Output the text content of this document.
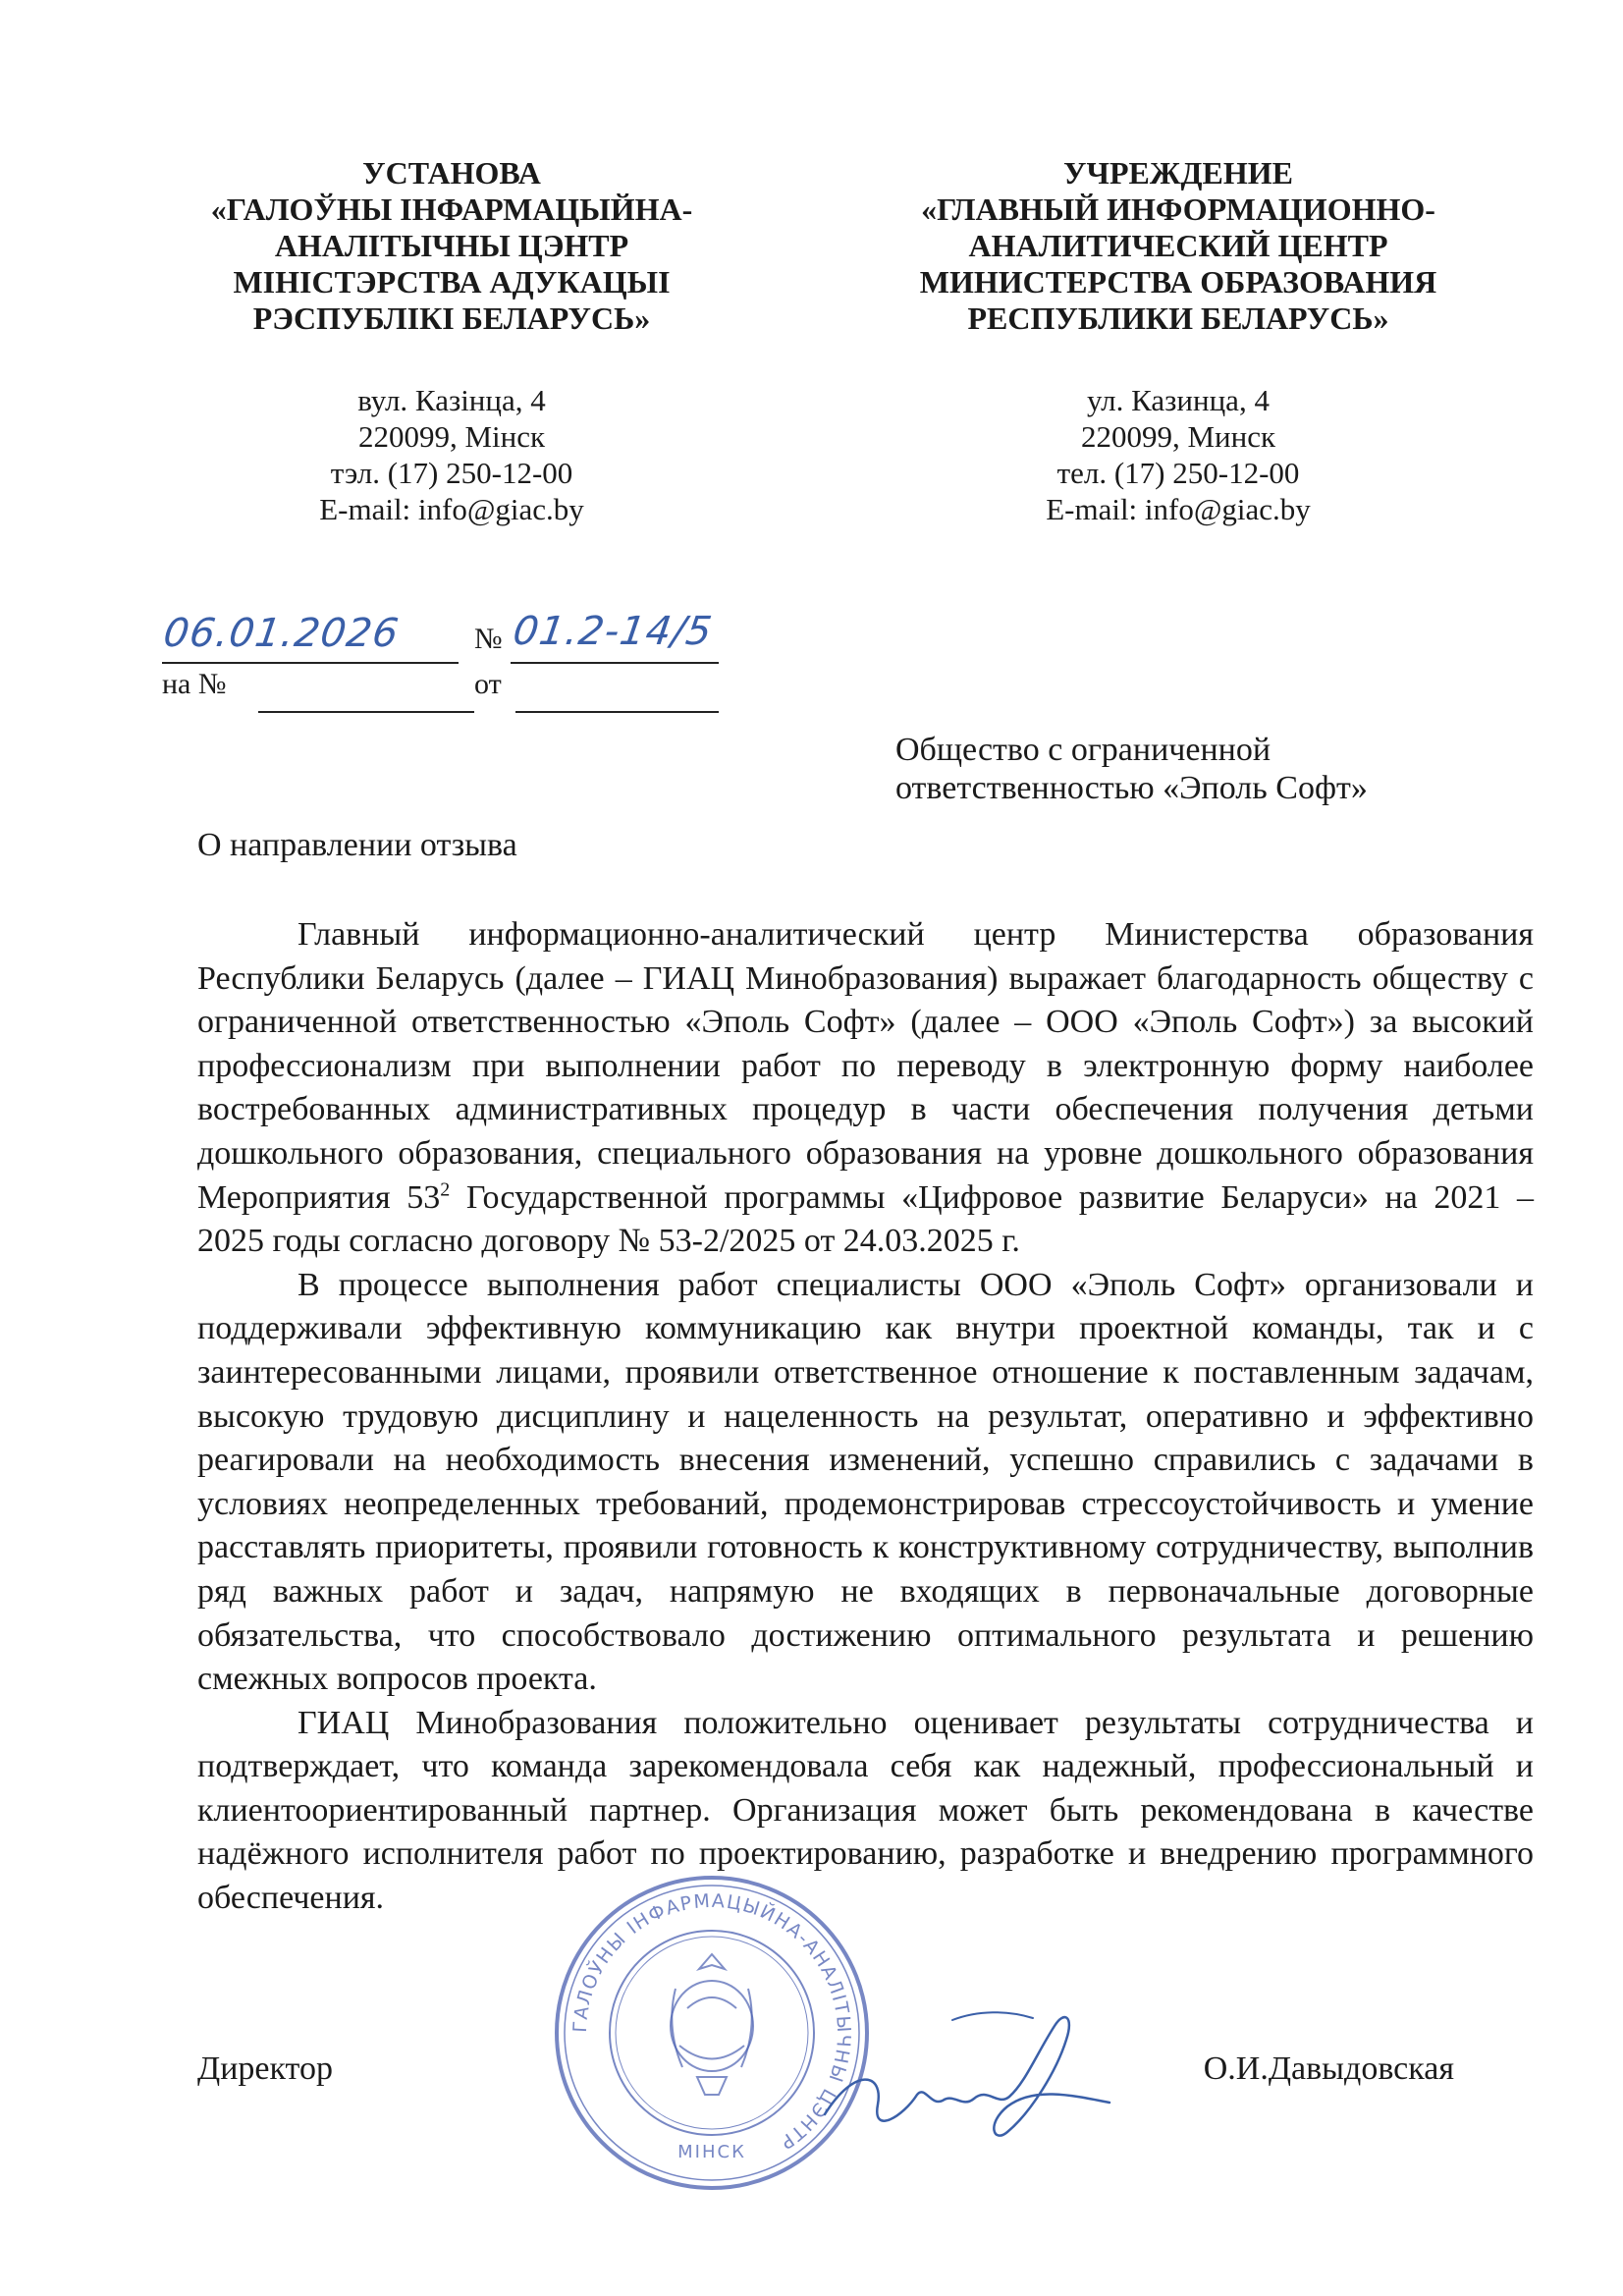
УСТАНОВА
«ГАЛОЎНЫ ІНФАРМАЦЫЙНА-
АНАЛІТЫЧНЫ ЦЭНТР
МІНІСТЭРСТВА АДУКАЦЫІ
РЭСПУБЛІКІ БЕЛАРУСЬ»

вул. Казінца, 4
220099, Мінск
тэл. (17) 250-12-00
E-mail: info@giac.by

УЧРЕЖДЕНИЕ
«ГЛАВНЫЙ ИНФОРМАЦИОННО-
АНАЛИТИЧЕСКИЙ ЦЕНТР
МИНИСТЕРСТВА ОБРАЗОВАНИЯ
РЕСПУБЛИКИ БЕЛАРУСЬ»

ул. Казинца, 4
220099, Минск
тел. (17) 250-12-00
E-mail: info@giac.by
06.01.2026 № 01.2-14/5
на №	от
Общество с ограниченной
ответственностью «Эполь Софт»
О направлении отзыва

Главный информационно-аналитический центр Министерства образования Республики Беларусь (далее – ГИАЦ Минобразования) выражает благодарность обществу с ограниченной ответственностью «Эполь Софт» (далее – ООО «Эполь Софт») за высокий профессионализм при выполнении работ по переводу в электронную форму наиболее востребованных административных процедур в части обеспечения получения детьми дошкольного образования, специального образования на уровне дошкольного образования Мероприятия $53^2$ Государственной программы «Цифровое развитие Беларуси» на 2021 – 2025 годы согласно договору № 53-2/2025 от 24.03.2025 г.

В процессе выполнения работ специалисты ООО «Эполь Софт» организовали и поддерживали эффективную коммуникацию как внутри проектной команды, так и с заинтересованными лицами, проявили ответственное отношение к поставленным задачам, высокую трудовую дисциплину и нацеленность на результат, оперативно и эффективно реагировали на необходимость внесения изменений, успешно справились с задачами в условиях неопределенных требований, продемонстрировав стрессоустойчивость и умение расставлять приоритеты, проявили готовность к конструктивному сотрудничеству, выполнив ряд важных работ и задач, напрямую не входящих в первоначальные договорные обязательства, что способствовало достижению оптимального результата и решению смежных вопросов проекта.

ГИАЦ Минобразования положительно оценивает результаты сотрудничества и подтверждает, что команда зарекомендовала себя как надежный, профессиональный и клиентоориентированный партнер. Организация может быть рекомендована в качестве надёжного исполнителя работ по проектированию, разработке и внедрению программного обеспечения.

ГАЛОЎНЫ ІНФАРМАЦЫЙНА-АНАЛІТЫЧНЫ ЦЭНТР
МІНСК
Директор	О.И.Давыдовская
